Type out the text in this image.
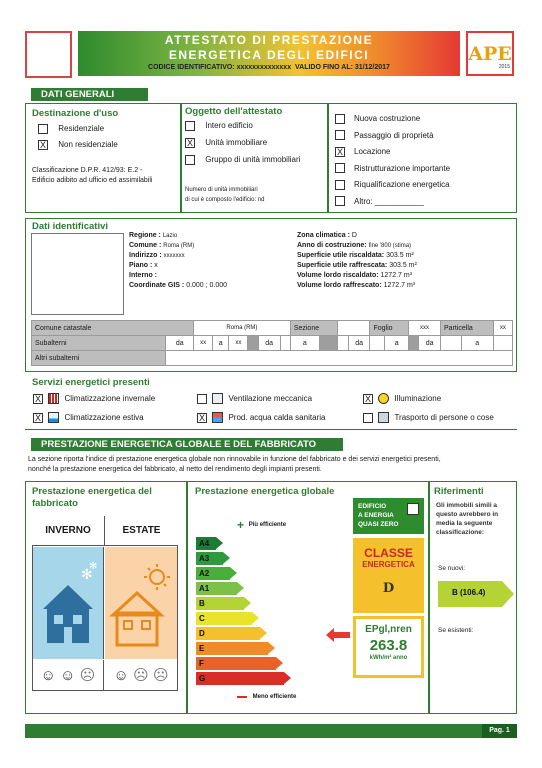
ATTESTATO DI PRESTAZIONE
ENERGETICA DEGLI EDIFICI
CODICE IDENTIFICATIVO: xxxxxxxxxxxxxx VALIDO FINO AL: 31/12/2017
APE
2015
DATI GENERALI
Destinazione d'uso
Residenziale
X Non residenziale
Classificazione D.P.R. 412/93: E.2 -
Edificio adibito ad ufficio ed assimilabili
Oggetto dell'attestato
Intero edificio
X Unità immobiliare
Gruppo di unità immobiliari
Numero di unità immobiliari
di cui è composto l'edificio: nd
Nuova costruzione
Passaggio di proprietà
X Locazione
Ristrutturazione importante
Riqualificazione energetica
Altro: ___________
Dati identificativi
Regione : Lazio
Comune : Roma (RM)
Indirizzo : xxxxxxx
Piano : x
Interno :
Coordinate GIS : 0.000 ; 0.000
Zona climatica : D
Anno di costruzione: fine '800 (stima)
Superficie utile riscaldata: 303.5 m²
Superficie utile raffrescata: 303.5 m²
Volume lordo riscaldato: 1272.7 m³
Volume lordo raffrescato: 1272.7 m³
Comune catastale		Roma (RM)						Sezione				Foglio		xxx		Particella		xx
Subalterni	da	xx	a	xx		da		a			da		a		da		a	
Altri subalterni																		
Servizi energetici presenti
X	Climatizzazione invernale	Ventilazione meccanica	X	Illuminazione
X	Climatizzazione estiva	X	Prod. acqua calda sanitaria	Trasporto di persone o cose
PRESTAZIONE ENERGETICA GLOBALE E DEL FABBRICATO
La sezione riporta l'indice di prestazione energetica globale non rinnovabile in funzione del fabbricato e dei servizi energetici presenti,
nonché la prestazione energetica del fabbricato, al netto del rendimento degli impianti presenti.
Prestazione energetica del
fabbricato
INVERNO	ESTATE
✻
✻
☺ ☺ ☹	☺ ☹ ☹
Prestazione energetica globale
+ Più efficiente
A4
A3
A2
A1
B
C
D
E
F
G
Meno efficiente
EDIFICIO
A ENERGIA
QUASI ZERO
CLASSE
ENERGETICA
D
EPgl,nren
263.8
kWh/m² anno
Riferimenti
Gli immobili simili a
questo avrebbero in
media la seguente
classificazione:
Se nuovi:
B (106.4)
Se esistenti:
Pag. 1
